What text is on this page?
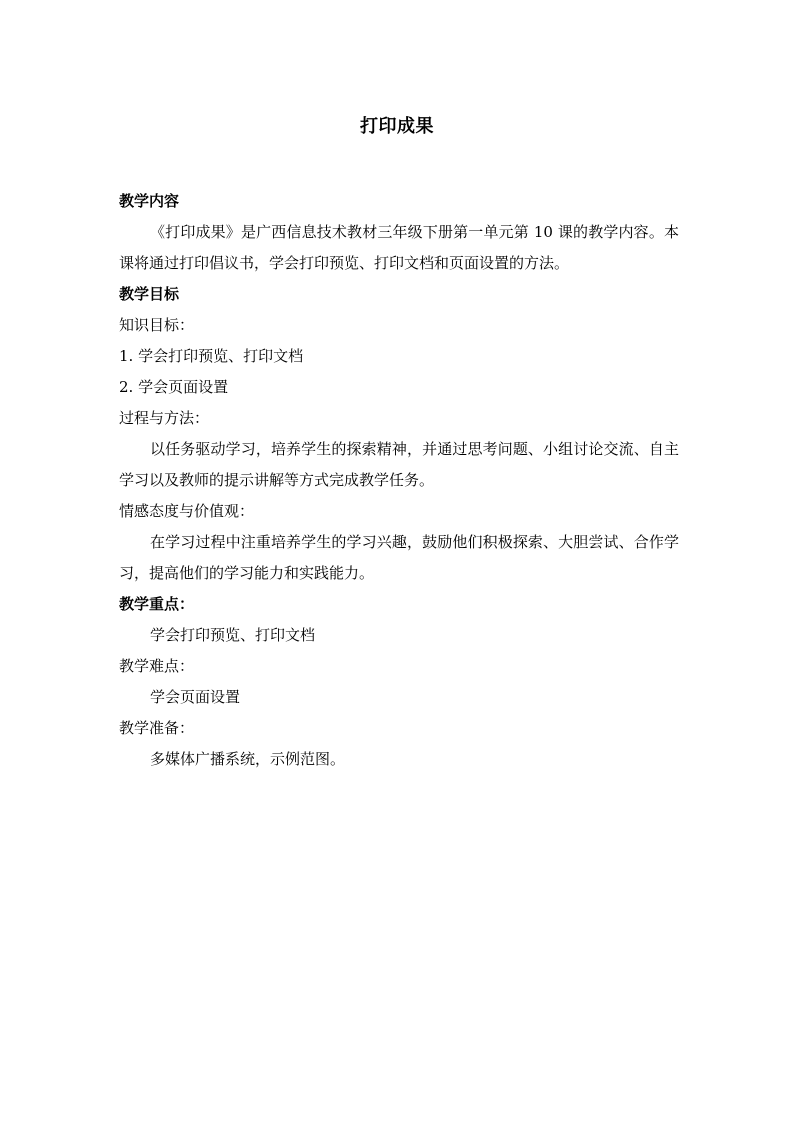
打印成果
教学内容
《打印成果》是广西信息技术教材三年级下册第一单元第 10 课的教学内容。本课将通过打印倡议书，学会打印预览、打印文档和页面设置的方法。
教学目标
知识目标：
1. 学会打印预览、打印文档
2. 学会页面设置
过程与方法：
以任务驱动学习，培养学生的探索精神，并通过思考问题、小组讨论交流、自主学习以及教师的提示讲解等方式完成教学任务。
情感态度与价值观：
在学习过程中注重培养学生的学习兴趣，鼓励他们积极探索、大胆尝试、合作学习，提高他们的学习能力和实践能力。
教学重点：
学会打印预览、打印文档
教学难点：
学会页面设置
教学准备：
多媒体广播系统，示例范图。
